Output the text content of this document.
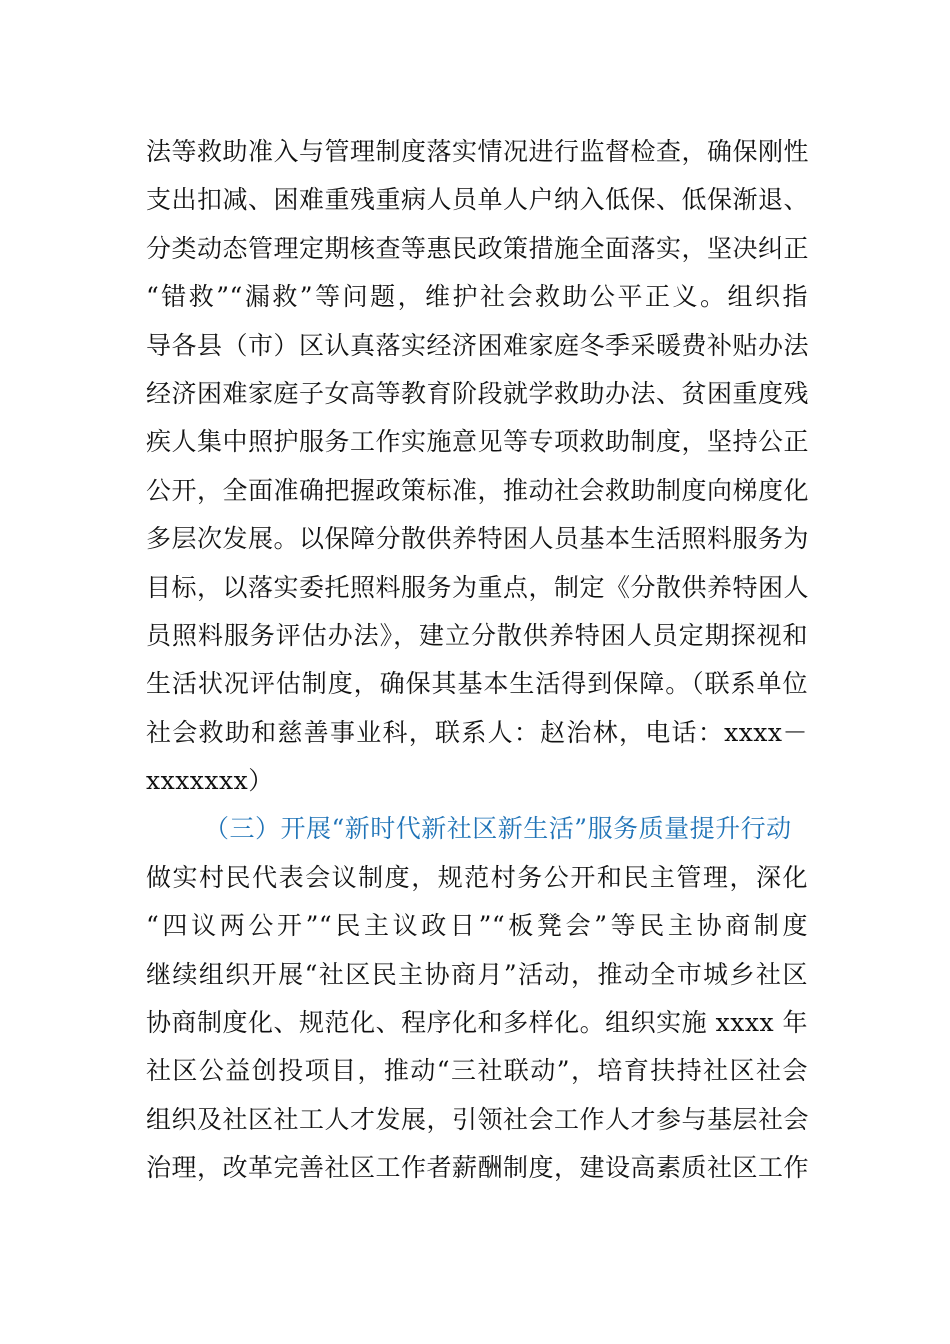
法等救助准入与管理制度落实情况进行监督检查，确保刚性
支出扣减、困难重残重病人员单人户纳入低保、低保渐退、
分类动态管理定期核查等惠民政策措施全面落实，坚决纠正
“错救”“漏救”等问题，维护社会救助公平正义。组织指
导各县（市）区认真落实经济困难家庭冬季采暖费补贴办法
经济困难家庭子女高等教育阶段就学救助办法、贫困重度残
疾人集中照护服务工作实施意见等专项救助制度，坚持公正
公开，全面准确把握政策标准，推动社会救助制度向梯度化
多层次发展。以保障分散供养特困人员基本生活照料服务为
目标，以落实委托照料服务为重点，制定《分散供养特困人
员照料服务评估办法》，建立分散供养特困人员定期探视和
生活状况评估制度，确保其基本生活得到保障。（联系单位
社会救助和慈善事业科，联系人：赵治林，电话：xxxx－
xxxxxxx）
（三）开展“新时代新社区新生活”服务质量提升行动
做实村民代表会议制度，规范村务公开和民主管理，深化
“四议两公开”“民主议政日”“板凳会”等民主协商制度
继续组织开展“社区民主协商月”活动，推动全市城乡社区
协商制度化、规范化、程序化和多样化。组织实施 xxxx 年
社区公益创投项目，推动“三社联动”，培育扶持社区社会
组织及社区社工人才发展，引领社会工作人才参与基层社会
治理，改革完善社区工作者薪酬制度，建设高素质社区工作
